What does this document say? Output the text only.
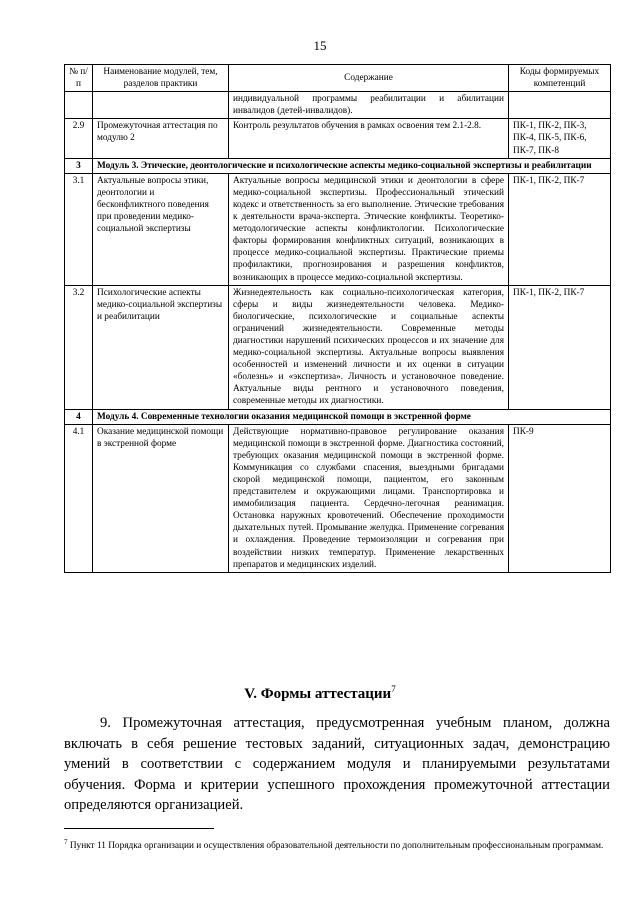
15
№ п/п	Наименование модулей, тем, разделов практики	Содержание	Коды формируемых компетенций
		индивидуальной программы реабилитации и абилитации инвалидов (детей-инвалидов).	
2.9	Промежуточная аттестация по модулю 2	Контроль результатов обучения в рамках освоения тем 2.1-2.8.	ПК-1, ПК-2, ПК-3, ПК-4, ПК-5, ПК-6, ПК-7, ПК-8
3	Модуль 3. Этические, деонтологические и психологические аспекты медико-социальной экспертизы и реабилитации		
3.1	Актуальные вопросы этики, деонтологии и бесконфликтного поведения при проведении медико-социальной экспертизы	Актуальные вопросы медицинской этики и деонтологии в сфере медико-социальной экспертизы. Профессиональный этический кодекс и ответственность за его выполнение. Этические требования к деятельности врача-эксперта. Этические конфликты. Теоретико-методологические аспекты конфликтологии. Психологические факторы формирования конфликтных ситуаций, возникающих в процессе медико-социальной экспертизы. Практические приемы профилактики, прогнозирования и разрешения конфликтов, возникающих в процессе медико-социальной экспертизы.	ПК-1, ПК-2, ПК-7
3.2	Психологические аспекты медико-социальной экспертизы и реабилитации	Жизнедеятельность как социально-психологическая категория, сферы и виды жизнедеятельности человека. Медико-биологические, психологические и социальные аспекты ограничений жизнедеятельности. Современные методы диагностики нарушений психических процессов и их значение для медико-социальной экспертизы. Актуальные вопросы выявления особенностей и изменений личности и их оценки в ситуации «болезнь» и «экспертиза». Личность и установочное поведение. Актуальные виды рентного и установочного поведения, современные методы их диагностики.	ПК-1, ПК-2, ПК-7
4	Модуль 4. Современные технологии оказания медицинской помощи в экстренной форме		
4.1	Оказание медицинской помощи в экстренной форме	Действующие нормативно-правовое регулирование оказания медицинской помощи в экстренной форме. Диагностика состояний, требующих оказания медицинской помощи в экстренной форме. Коммуникация со службами спасения, выездными бригадами скорой медицинской помощи, пациентом, его законным представителем и окружающими лицами. Транспортировка и иммобилизация пациента. Сердечно-легочная реанимация. Остановка наружных кровотечений. Обеспечение проходимости дыхательных путей. Промывание желудка. Применение согревания и охлаждения. Проведение термоизоляции и согревания при воздействии низких температур. Применение лекарственных препаратов и медицинских изделий.	ПК-9
V. Формы аттестации$^7$
9. Промежуточная аттестация, предусмотренная учебным планом, должна включать в себя решение тестовых заданий, ситуационных задач, демонстрацию умений в соответствии с содержанием модуля и планируемыми результатами обучения. Форма и критерии успешного прохождения промежуточной аттестации определяются организацией.
$^7$ Пункт 11 Порядка организации и осуществления образовательной деятельности по дополнительным профессиональным программам.
